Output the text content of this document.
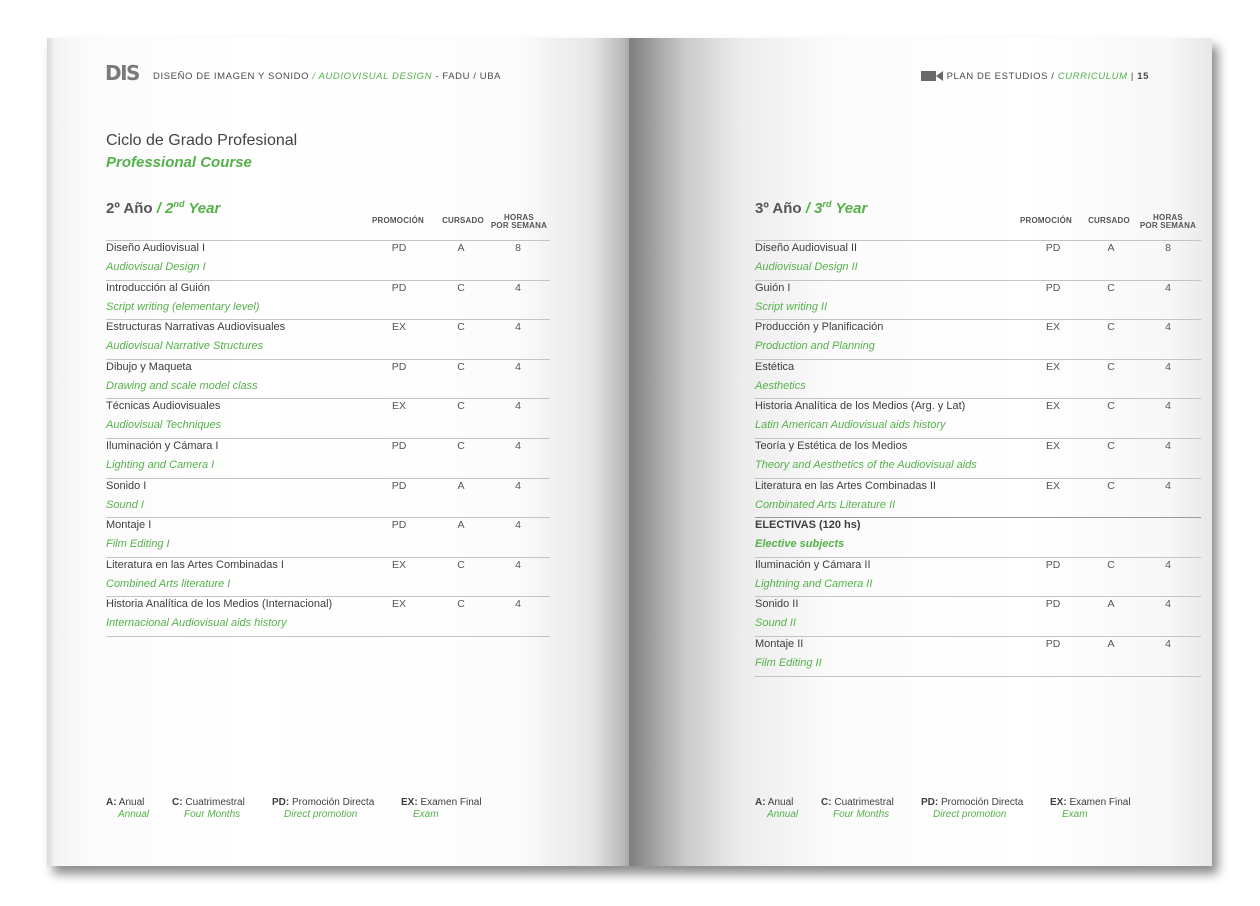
DIS DISEÑO DE IMAGEN Y SONIDO / AUDIOVISUAL DESIGN - FADU / UBA
Ciclo de Grado Profesional
Professional Course
2º Año / 2nd Year
PROMOCIÓN	CURSADO	HORAS
POR SEMANA
Diseño Audiovisual I
Audiovisual Design I
PD	A	8
Introducción al Guión
Script writing (elementary level)
PD	C	4
Estructuras Narrativas Audiovisuales
Audiovisual Narrative Structures
EX	C	4
Dibujo y Maqueta
Drawing and scale model class
PD	C	4
Técnicas Audiovisuales
Audiovisual Techniques
EX	C	4
Iluminación y Cámara I
Lighting and Camera I
PD	C	4
Sonido I
Sound I
PD	A	4
Montaje I
Film Editing I
PD	A	4
Literatura en las Artes Combinadas I
Combined Arts literature I
EX	C	4
Historia Analítica de los Medios (Internacional)
Internacional Audiovisual aids history
EX	C	4
A: Anual
Annual
C: Cuatrimestral
Four Months
PD: Promoción Directa
Direct promotion
EX: Examen Final
Exam
PLAN DE ESTUDIOS / CURRICULUM | 15
3º Año / 3rd Year
PROMOCIÓN	CURSADO	HORAS
POR SEMANA
Diseño Audiovisual II
Audiovisual Design II
PD	A	8
Guión I
Script writing II
PD	C	4
Producción y Planificación
Production and Planning
EX	C	4
Estética
Aesthetics
EX	C	4
Historia Analítica de los Medios (Arg. y Lat)
Latin American Audiovisual aids history
EX	C	4
Teoría y Estética de los Medios
Theory and Aesthetics of the Audiovisual aids
EX	C	4
Literatura en las Artes Combinadas II
Combinated Arts Literature II
EX	C	4
ELECTIVAS (120 hs)
Elective subjects
Iluminación y Cámara II
Lightning and Camera II
PD	C	4
Sonido II
Sound II
PD	A	4
Montaje II
Film Editing II
PD	A	4
A: Anual
Annual
C: Cuatrimestral
Four Months
PD: Promoción Directa
Direct promotion
EX: Examen Final
Exam
